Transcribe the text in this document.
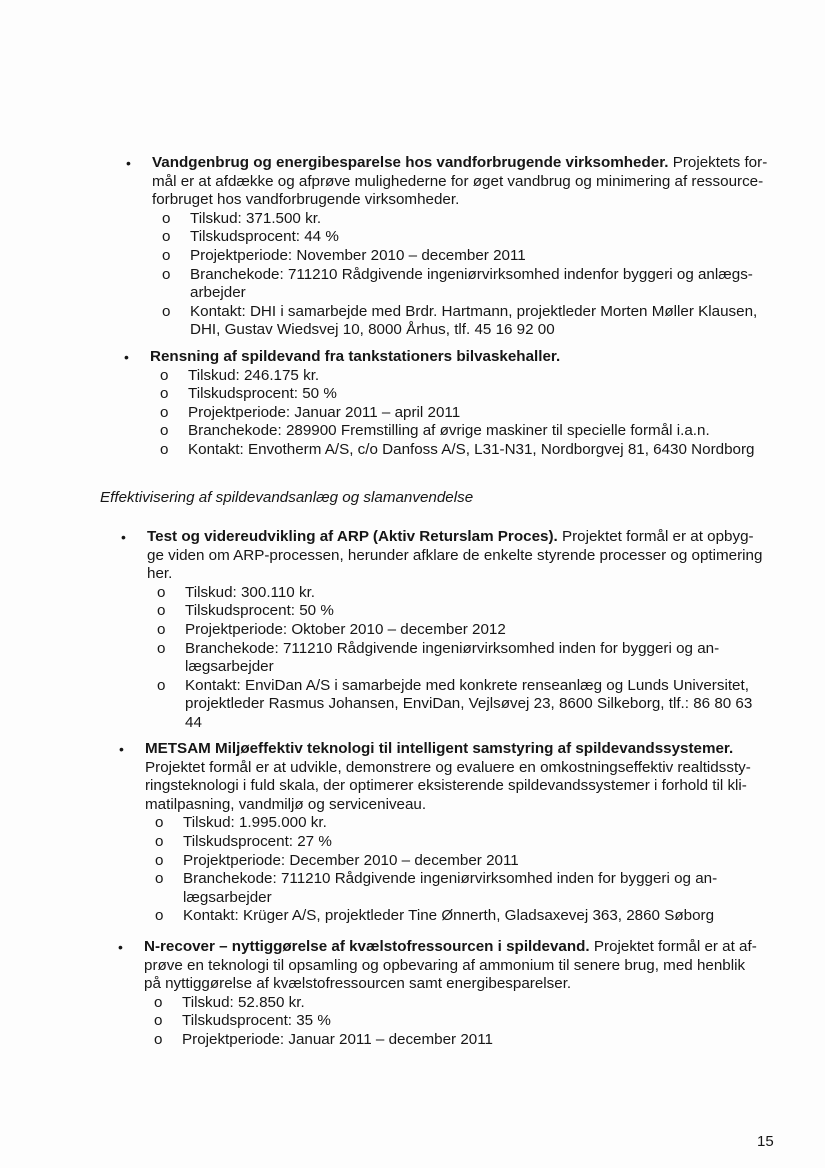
• Vandgenbrug og energibesparelse hos vandforbrugende virksomheder. Projektets for-

mål er at afdække og afprøve mulighederne for øget vandbrug og minimering af ressource-

forbruget hos vandforbrugende virksomheder.

o Tilskud: 371.500 kr.
o Tilskudsprocent: 44 %
o Projektperiode: November 2010 – december 2011
o Branchekode: 711210 Rådgivende ingeniørvirksomhed indenfor byggeri og anlægs-
arbejder
o Kontakt: DHI i samarbejde med Brdr. Hartmann, projektleder Morten Møller Klausen,
DHI, Gustav Wiedsvej 10, 8000 Århus, tlf. 45 16 92 00
• Rensning af spildevand fra tankstationers bilvaskehaller.

o Tilskud: 246.175 kr.
o Tilskudsprocent: 50 %
o Projektperiode: Januar 2011 – april 2011
o Branchekode: 289900 Fremstilling af øvrige maskiner til specielle formål i.a.n.
o Kontakt: Envotherm A/S, c/o Danfoss A/S, L31-N31, Nordborgvej 81, 6430 Nordborg
Effektivisering af spildevandsanlæg og slamanvendelse
• Test og videreudvikling af ARP (Aktiv Returslam Proces). Projektet formål er at opbyg-

ge viden om ARP-processen, herunder afklare de enkelte styrende processer og optimering

her.

o Tilskud: 300.110 kr.
o Tilskudsprocent: 50 %
o Projektperiode: Oktober 2010 – december 2012
o Branchekode: 711210 Rådgivende ingeniørvirksomhed inden for byggeri og an-
lægsarbejder
o Kontakt: EnviDan A/S i samarbejde med konkrete renseanlæg og Lunds Universitet,
projektleder Rasmus Johansen, EnviDan, Vejlsøvej 23, 8600 Silkeborg, tlf.: 86 80 63
44
• METSAM Miljøeffektiv teknologi til intelligent samstyring af spildevandssystemer.

Projektet formål er at udvikle, demonstrere og evaluere en omkostningseffektiv realtidssty-

ringsteknologi i fuld skala, der optimerer eksisterende spildevandssystemer i forhold til kli-

matilpasning, vandmiljø og serviceniveau.

o Tilskud: 1.995.000 kr.
o Tilskudsprocent: 27 %
o Projektperiode: December 2010 – december 2011
o Branchekode: 711210 Rådgivende ingeniørvirksomhed inden for byggeri og an-
lægsarbejder
o Kontakt: Krüger A/S, projektleder Tine Ønnerth, Gladsaxevej 363, 2860 Søborg
• N-recover – nyttiggørelse af kvælstofressourcen i spildevand. Projektet formål er at af-

prøve en teknologi til opsamling og opbevaring af ammonium til senere brug, med henblik

på nyttiggørelse af kvælstofressourcen samt energibesparelser.

o Tilskud: 52.850 kr.
o Tilskudsprocent: 35 %
o Projektperiode: Januar 2011 – december 2011
15
